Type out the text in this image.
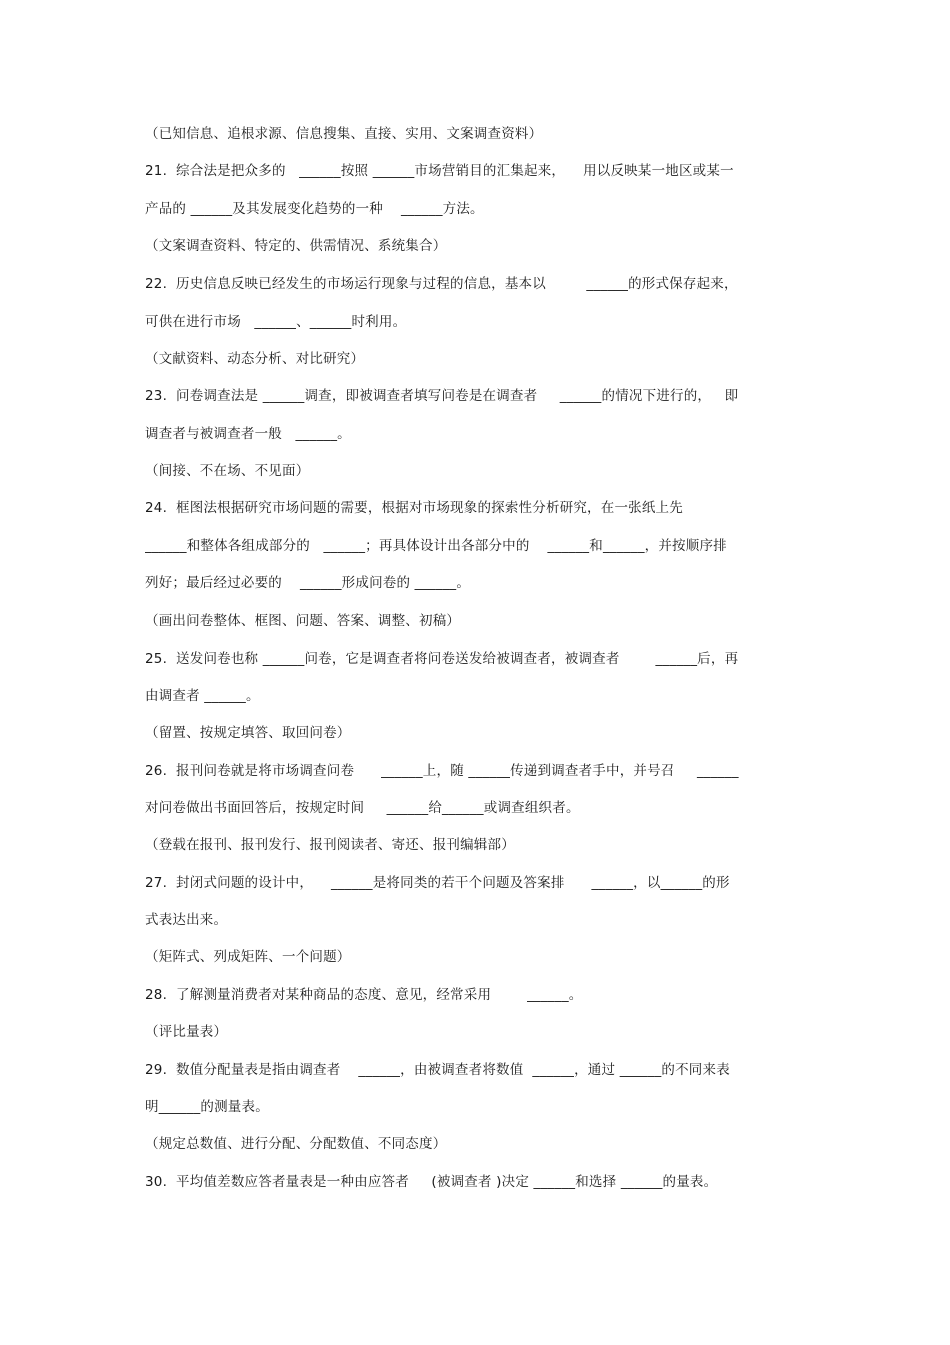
（已知信息、追根求源、信息搜集、直接、实用、文案调查资料）
21.  综合法是把众多的   ______按照 ______市场营销目的汇集起来，    用以反映某一地区或某一
产品的 ______及其发展变化趋势的一种    ______方法。
（文案调查资料、特定的、供需情况、系统集合）
22.  历史信息反映已经发生的市场运行现象与过程的信息，基本以         ______的形式保存起来，
可供在进行市场   ______、______时利用。
（文献资料、动态分析、对比研究）
23.  问卷调查法是 ______调查，即被调查者填写问卷是在调查者     ______的情况下进行的，   即
调查者与被调查者一般   ______。
（间接、不在场、不见面）
24.  框图法根据研究市场问题的需要，根据对市场现象的探索性分析研究，在一张纸上先
______和整体各组成部分的   ______；再具体设计出各部分中的    ______和______，并按顺序排
列好；最后经过必要的    ______形成问卷的 ______。
（画出问卷整体、框图、问题、答案、调整、初稿）
25.  送发问卷也称 ______问卷，它是调查者将问卷送发给被调查者，被调查者        ______后，再
由调查者 ______。
（留置、按规定填答、取回问卷）
26.  报刊问卷就是将市场调查问卷      ______上，随 ______传递到调查者手中，并号召     ______
对问卷做出书面回答后，按规定时间     ______给______或调查组织者。
（登载在报刊、报刊发行、报刊阅读者、寄还、报刊编辑部）
27.  封闭式问题的设计中，    ______是将同类的若干个问题及答案排      ______，以______的形
式表达出来。
（矩阵式、列成矩阵、一个问题）
28.  了解测量消费者对某种商品的态度、意见，经常采用        ______。
（评比量表）
29.  数值分配量表是指由调查者    ______，由被调查者将数值  ______，通过 ______的不同来表
明______的测量表。
（规定总数值、进行分配、分配数值、不同态度）
30.  平均值差数应答者量表是一种由应答者     (被调查者 )决定 ______和选择 ______的量表。
